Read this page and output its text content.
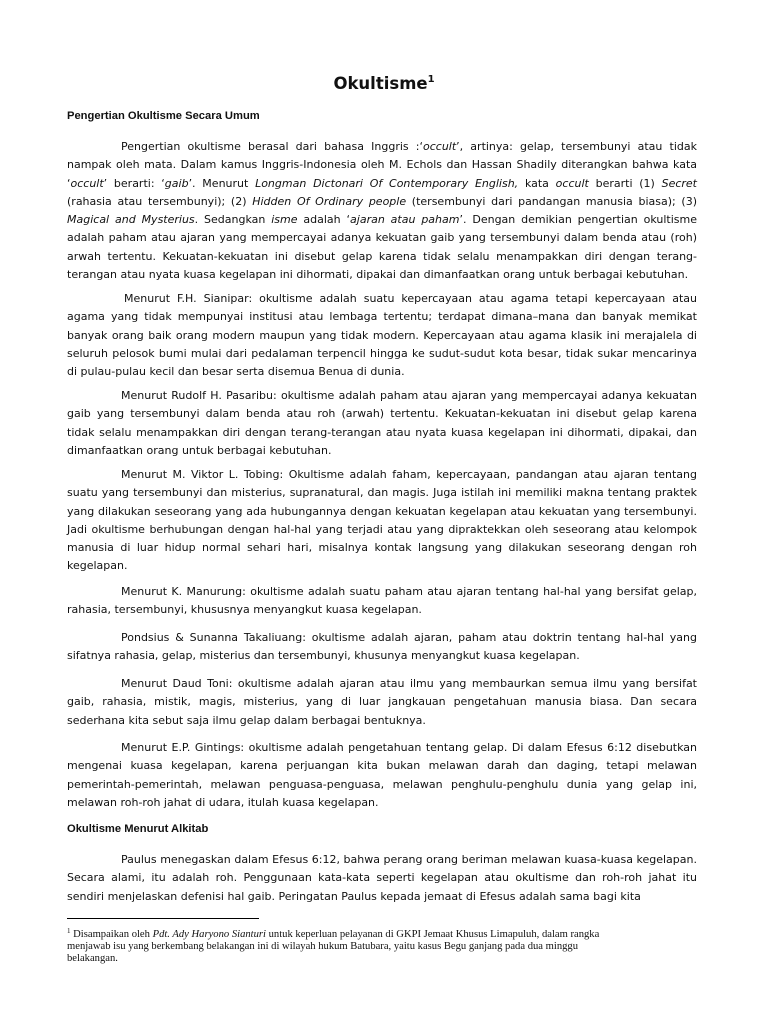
Okultisme$^1$
Pengertian Okultisme Secara Umum
Pengertian okultisme berasal dari bahasa Inggris :‘occult’, artinya: gelap, tersembunyi atau tidak
nampak oleh mata. Dalam kamus Inggris-Indonesia oleh M. Echols dan Hassan Shadily diterangkan bahwa kata
‘occult’ berarti: ‘gaib’. Menurut Longman Dictonari Of Contemporary English, kata occult berarti (1) Secret
(rahasia atau tersembunyi); (2) Hidden Of Ordinary people (tersembunyi dari pandangan manusia biasa); (3)
Magical and Mysterius. Sedangkan isme adalah ‘ajaran atau paham’. Dengan demikian pengertian okultisme
adalah paham atau ajaran yang mempercayai adanya kekuatan gaib yang tersembunyi dalam benda atau (roh)
arwah tertentu. Kekuatan-kekuatan ini disebut gelap karena tidak selalu menampakkan diri dengan terang-
terangan atau nyata kuasa kegelapan ini dihormati, dipakai dan dimanfaatkan orang untuk berbagai kebutuhan.
Menurut F.H. Sianipar: okultisme adalah suatu kepercayaan atau agama tetapi kepercayaan atau
agama yang tidak mempunyai institusi atau lembaga tertentu; terdapat dimana–mana dan banyak memikat
banyak orang baik orang modern maupun yang tidak modern. Kepercayaan atau agama klasik ini merajalela di
seluruh pelosok bumi mulai dari pedalaman terpencil hingga ke sudut-sudut kota besar, tidak sukar mencarinya
di pulau-pulau kecil dan besar serta disemua Benua di dunia.
Menurut Rudolf H. Pasaribu: okultisme adalah paham atau ajaran yang mempercayai adanya kekuatan
gaib yang tersembunyi dalam benda atau roh (arwah) tertentu. Kekuatan-kekuatan ini disebut gelap karena
tidak selalu menampakkan diri dengan terang-terangan atau nyata kuasa kegelapan ini dihormati, dipakai, dan
dimanfaatkan orang untuk berbagai kebutuhan.
Menurut M. Viktor L. Tobing: Okultisme adalah faham, kepercayaan, pandangan atau ajaran tentang
suatu yang tersembunyi dan misterius, supranatural, dan magis. Juga istilah ini memiliki makna tentang praktek
yang dilakukan seseorang yang ada hubungannya dengan kekuatan kegelapan atau kekuatan yang tersembunyi.
Jadi okultisme berhubungan dengan hal-hal yang terjadi atau yang dipraktekkan oleh seseorang atau kelompok
manusia di luar hidup normal sehari hari, misalnya kontak langsung yang dilakukan seseorang dengan roh
kegelapan.
Menurut K. Manurung: okultisme adalah suatu paham atau ajaran tentang hal-hal yang bersifat gelap,
rahasia, tersembunyi, khususnya menyangkut kuasa kegelapan.
Pondsius & Sunanna Takaliuang: okultisme adalah ajaran, paham atau doktrin tentang hal-hal yang
sifatnya rahasia, gelap, misterius dan tersembunyi, khusunya menyangkut kuasa kegelapan.
Menurut Daud Toni: okultisme adalah ajaran atau ilmu yang membaurkan semua ilmu yang bersifat
gaib, rahasia, mistik, magis, misterius, yang di luar jangkauan pengetahuan manusia biasa. Dan secara
sederhana kita sebut saja ilmu gelap dalam berbagai bentuknya.
Menurut E.P. Gintings: okultisme adalah pengetahuan tentang gelap. Di dalam Efesus 6:12 disebutkan
mengenai kuasa kegelapan, karena perjuangan kita bukan melawan darah dan daging, tetapi melawan
pemerintah-pemerintah, melawan penguasa-penguasa, melawan penghulu-penghulu dunia yang gelap ini,
melawan roh-roh jahat di udara, itulah kuasa kegelapan.
Okultisme Menurut Alkitab
Paulus menegaskan dalam Efesus 6:12, bahwa perang orang beriman melawan kuasa-kuasa kegelapan.
Secara alami, itu adalah roh. Penggunaan kata-kata seperti kegelapan atau okultisme dan roh-roh jahat itu
sendiri menjelaskan defenisi hal gaib. Peringatan Paulus kepada jemaat di Efesus adalah sama bagi kita
$^1$ Disampaikan oleh Pdt. Ady Haryono Sianturi untuk keperluan pelayanan di GKPI Jemaat Khusus Limapuluh, dalam rangka
menjawab isu yang berkembang belakangan ini di wilayah hukum Batubara, yaitu kasus Begu ganjang pada dua minggu
belakangan.
